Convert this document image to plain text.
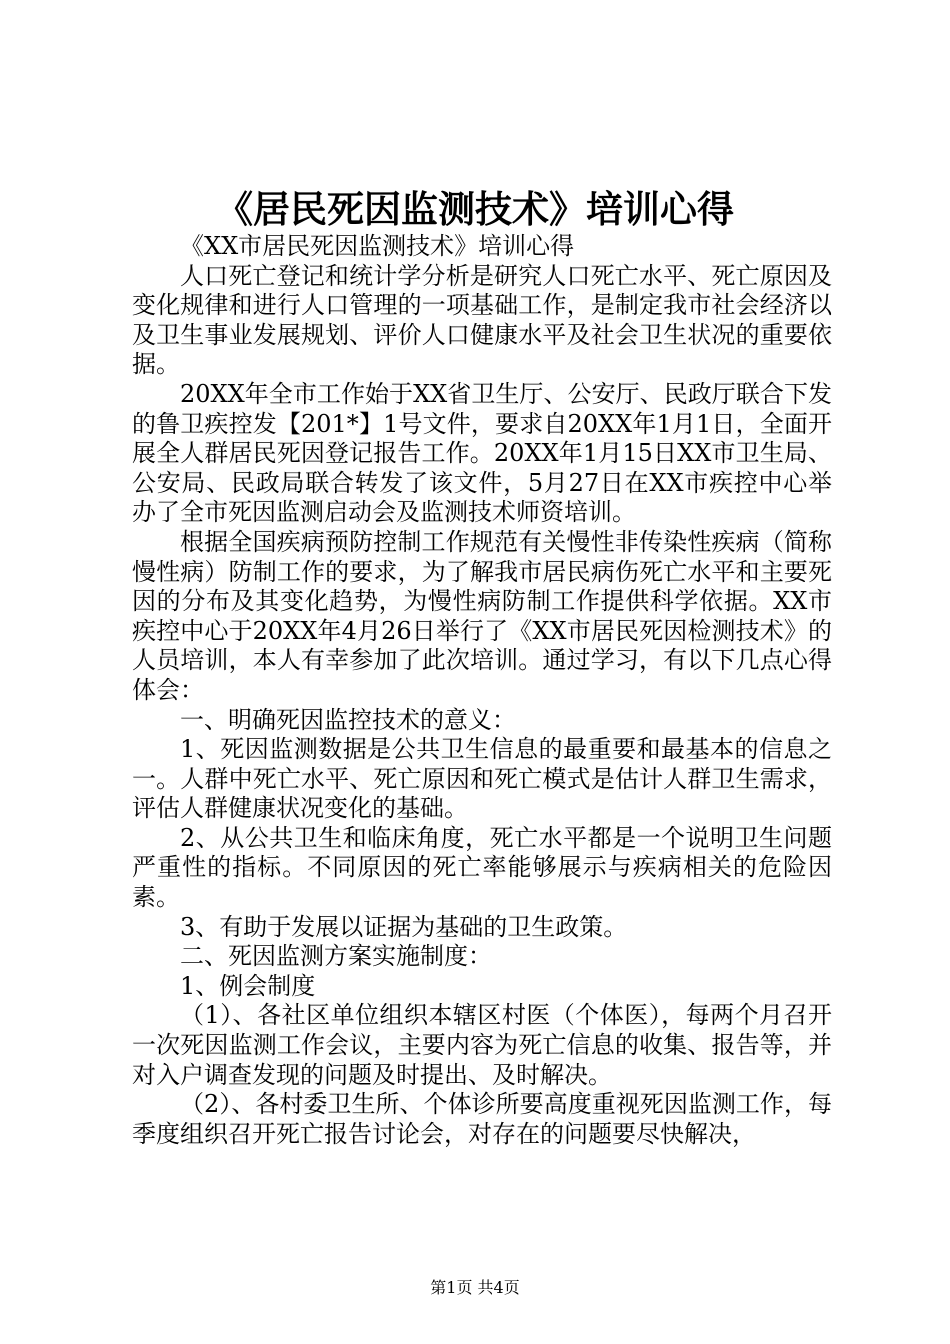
《居民死因监测技术》培训心得

《XX市居民死因监测技术》培训心得

人口死亡登记和统计学分析是研究人口死亡水平、死亡原因及变化规律和进行人口管理的一项基础工作，是制定我市社会经济以及卫生事业发展规划、评价人口健康水平及社会卫生状况的重要依据。

20XX年全市工作始于XX省卫生厅、公安厅、民政厅联合下发的鲁卫疾控发【201*】1号文件，要求自20XX年1月1日，全面开展全人群居民死因登记报告工作。20XX年1月15日XX市卫生局、公安局、民政局联合转发了该文件，5月27日在XX市疾控中心举办了全市死因监测启动会及监测技术师资培训。

根据全国疾病预防控制工作规范有关慢性非传染性疾病（简称慢性病）防制工作的要求，为了解我市居民病伤死亡水平和主要死因的分布及其变化趋势，为慢性病防制工作提供科学依据。XX市疾控中心于20XX年4月26日举行了《XX市居民死因检测技术》的人员培训，本人有幸参加了此次培训。通过学习，有以下几点心得体会：

一、明确死因监控技术的意义：

1、死因监测数据是公共卫生信息的最重要和最基本的信息之一。人群中死亡水平、死亡原因和死亡模式是估计人群卫生需求，评估人群健康状况变化的基础。

2、从公共卫生和临床角度，死亡水平都是一个说明卫生问题严重性的指标。不同原因的死亡率能够展示与疾病相关的危险因素。

3、有助于发展以证据为基础的卫生政策。

二、死因监测方案实施制度：

1、例会制度

（1）、各社区单位组织本辖区村医（个体医），每两个月召开一次死因监测工作会议，主要内容为死亡信息的收集、报告等，并对入户调查发现的问题及时提出、及时解决。

（2）、各村委卫生所、个体诊所要高度重视死因监测工作，每季度组织召开死亡报告讨论会，对存在的问题要尽快解决，

第1页 共4页
